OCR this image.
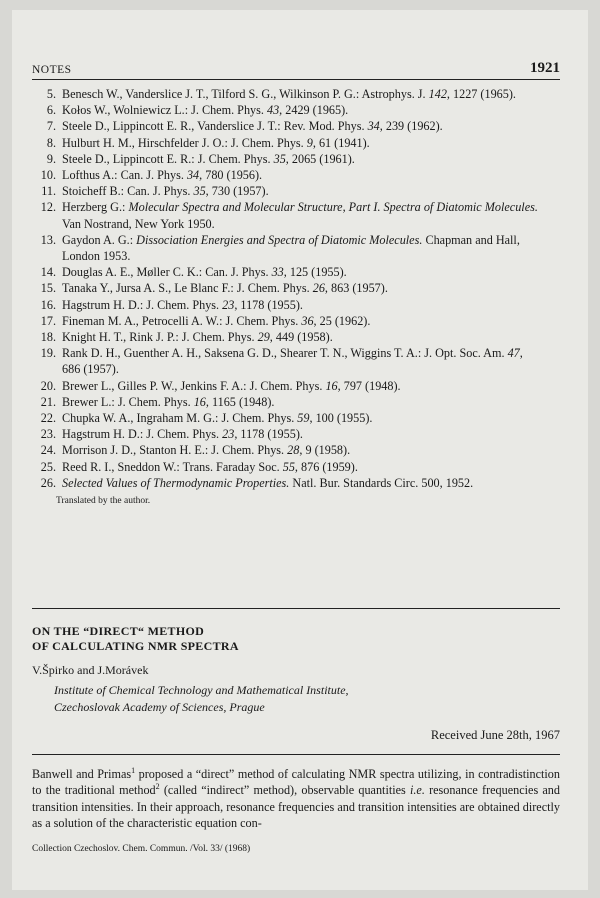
NOTES	1921
5. Benesch W., Vanderslice J. T., Tilford S. G., Wilkinson P. G.: Astrophys. J. 142, 1227 (1965).
6. Kołos W., Wolniewicz L.: J. Chem. Phys. 43, 2429 (1965).
7. Steele D., Lippincott E. R., Vanderslice J. T.: Rev. Mod. Phys. 34, 239 (1962).
8. Hulburt H. M., Hirschfelder J. O.: J. Chem. Phys. 9, 61 (1941).
9. Steele D., Lippincott E. R.: J. Chem. Phys. 35, 2065 (1961).
10. Lofthus A.: Can. J. Phys. 34, 780 (1956).
11. Stoicheff B.: Can. J. Phys. 35, 730 (1957).
12. Herzberg G.: Molecular Spectra and Molecular Structure, Part I. Spectra of Diatomic Molecules. Van Nostrand, New York 1950.
13. Gaydon A. G.: Dissociation Energies and Spectra of Diatomic Molecules. Chapman and Hall, London 1953.
14. Douglas A. E., Møller C. K.: Can. J. Phys. 33, 125 (1955).
15. Tanaka Y., Jursa A. S., Le Blanc F.: J. Chem. Phys. 26, 863 (1957).
16. Hagstrum H. D.: J. Chem. Phys. 23, 1178 (1955).
17. Fineman M. A., Petrocelli A. W.: J. Chem. Phys. 36, 25 (1962).
18. Knight H. T., Rink J. P.: J. Chem. Phys. 29, 449 (1958).
19. Rank D. H., Guenther A. H., Saksena G. D., Shearer T. N., Wiggins T. A.: J. Opt. Soc. Am. 47, 686 (1957).
20. Brewer L., Gilles P. W., Jenkins F. A.: J. Chem. Phys. 16, 797 (1948).
21. Brewer L.: J. Chem. Phys. 16, 1165 (1948).
22. Chupka W. A., Ingraham M. G.: J. Chem. Phys. 59, 100 (1955).
23. Hagstrum H. D.: J. Chem. Phys. 23, 1178 (1955).
24. Morrison J. D., Stanton H. E.: J. Chem. Phys. 28, 9 (1958).
25. Reed R. I., Sneddon W.: Trans. Faraday Soc. 55, 876 (1959).
26. Selected Values of Thermodynamic Properties. Natl. Bur. Standards Circ. 500, 1952.
Translated by the author.
ON THE “DIRECT“ METHOD
OF CALCULATING NMR SPECTRA
V.Špirko and J.Morávek
Institute of Chemical Technology and Mathematical Institute,
Czechoslovak Academy of Sciences, Prague
Received June 28th, 1967
Banwell and Primas$^1$ proposed a “direct” method of calculating NMR spectra utilizing, in contradistinction to the traditional method$^2$ (called “indirect” method), observable quantities i.e. resonance frequencies and transition intensities. In their approach, resonance frequencies and transition intensities are obtained directly as a solution of the characteristic equation con-
Collection Czechoslov. Chem. Commun. /Vol. 33/ (1968)
